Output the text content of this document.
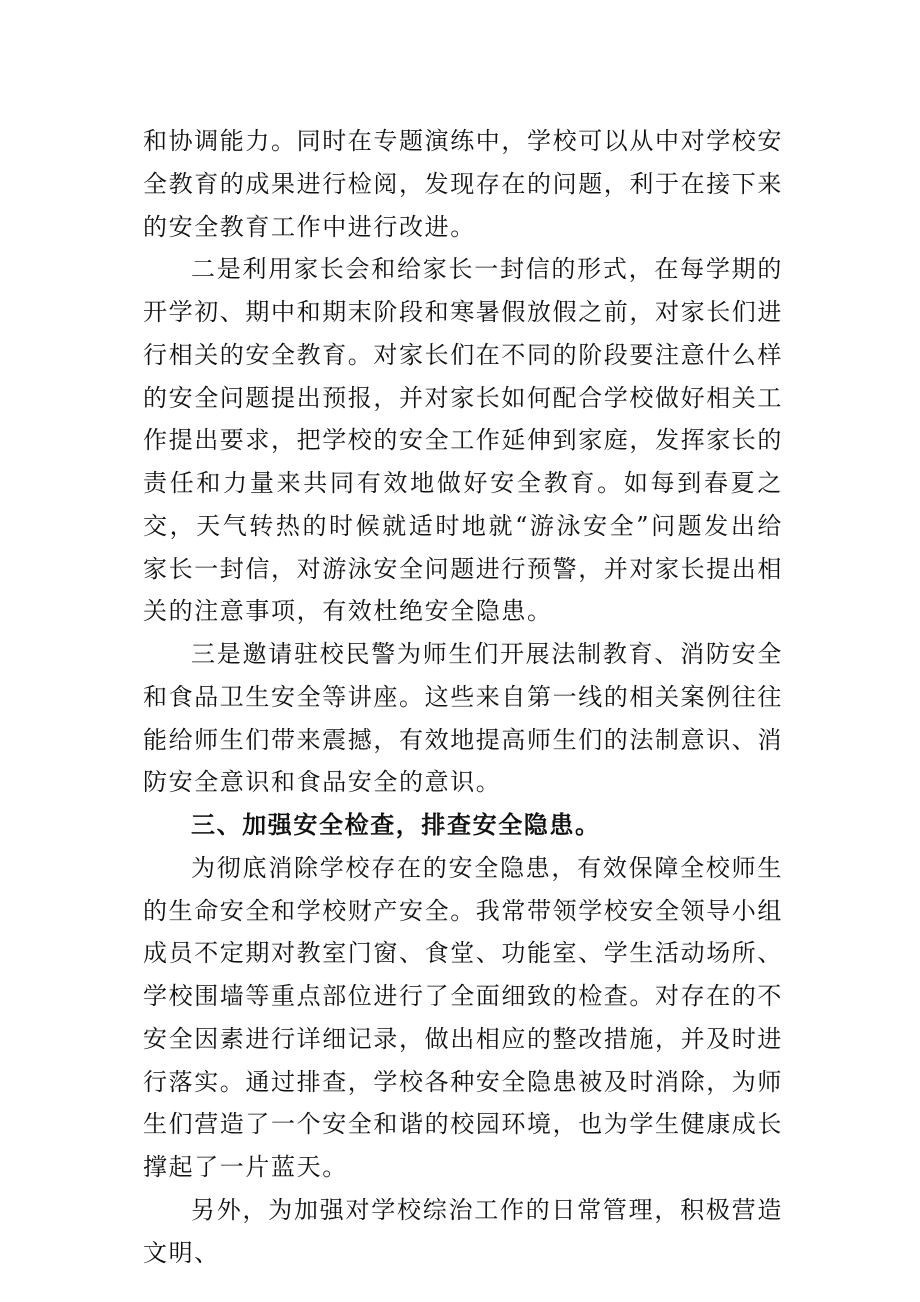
和协调能力。同时在专题演练中，学校可以从中对学校安全教育的成果进行检阅，发现存在的问题，利于在接下来的安全教育工作中进行改进。

二是利用家长会和给家长一封信的形式，在每学期的开学初、期中和期末阶段和寒暑假放假之前，对家长们进行相关的安全教育。对家长们在不同的阶段要注意什么样的安全问题提出预报，并对家长如何配合学校做好相关工作提出要求，把学校的安全工作延伸到家庭，发挥家长的责任和力量来共同有效地做好安全教育。如每到春夏之交，天气转热的时候就适时地就“游泳安全”问题发出给家长一封信，对游泳安全问题进行预警，并对家长提出相关的注意事项，有效杜绝安全隐患。

三是邀请驻校民警为师生们开展法制教育、消防安全和食品卫生安全等讲座。这些来自第一线的相关案例往往能给师生们带来震撼，有效地提高师生们的法制意识、消防安全意识和食品安全的意识。

三、加强安全检查，排查安全隐患。

为彻底消除学校存在的安全隐患，有效保障全校师生的生命安全和学校财产安全。我常带领学校安全领导小组成员不定期对教室门窗、食堂、功能室、学生活动场所、学校围墙等重点部位进行了全面细致的检查。对存在的不安全因素进行详细记录，做出相应的整改措施，并及时进行落实。通过排查，学校各种安全隐患被及时消除，为师生们营造了一个安全和谐的校园环境，也为学生健康成长撑起了一片蓝天。

另外，为加强对学校综治工作的日常管理，积极营造文明、
